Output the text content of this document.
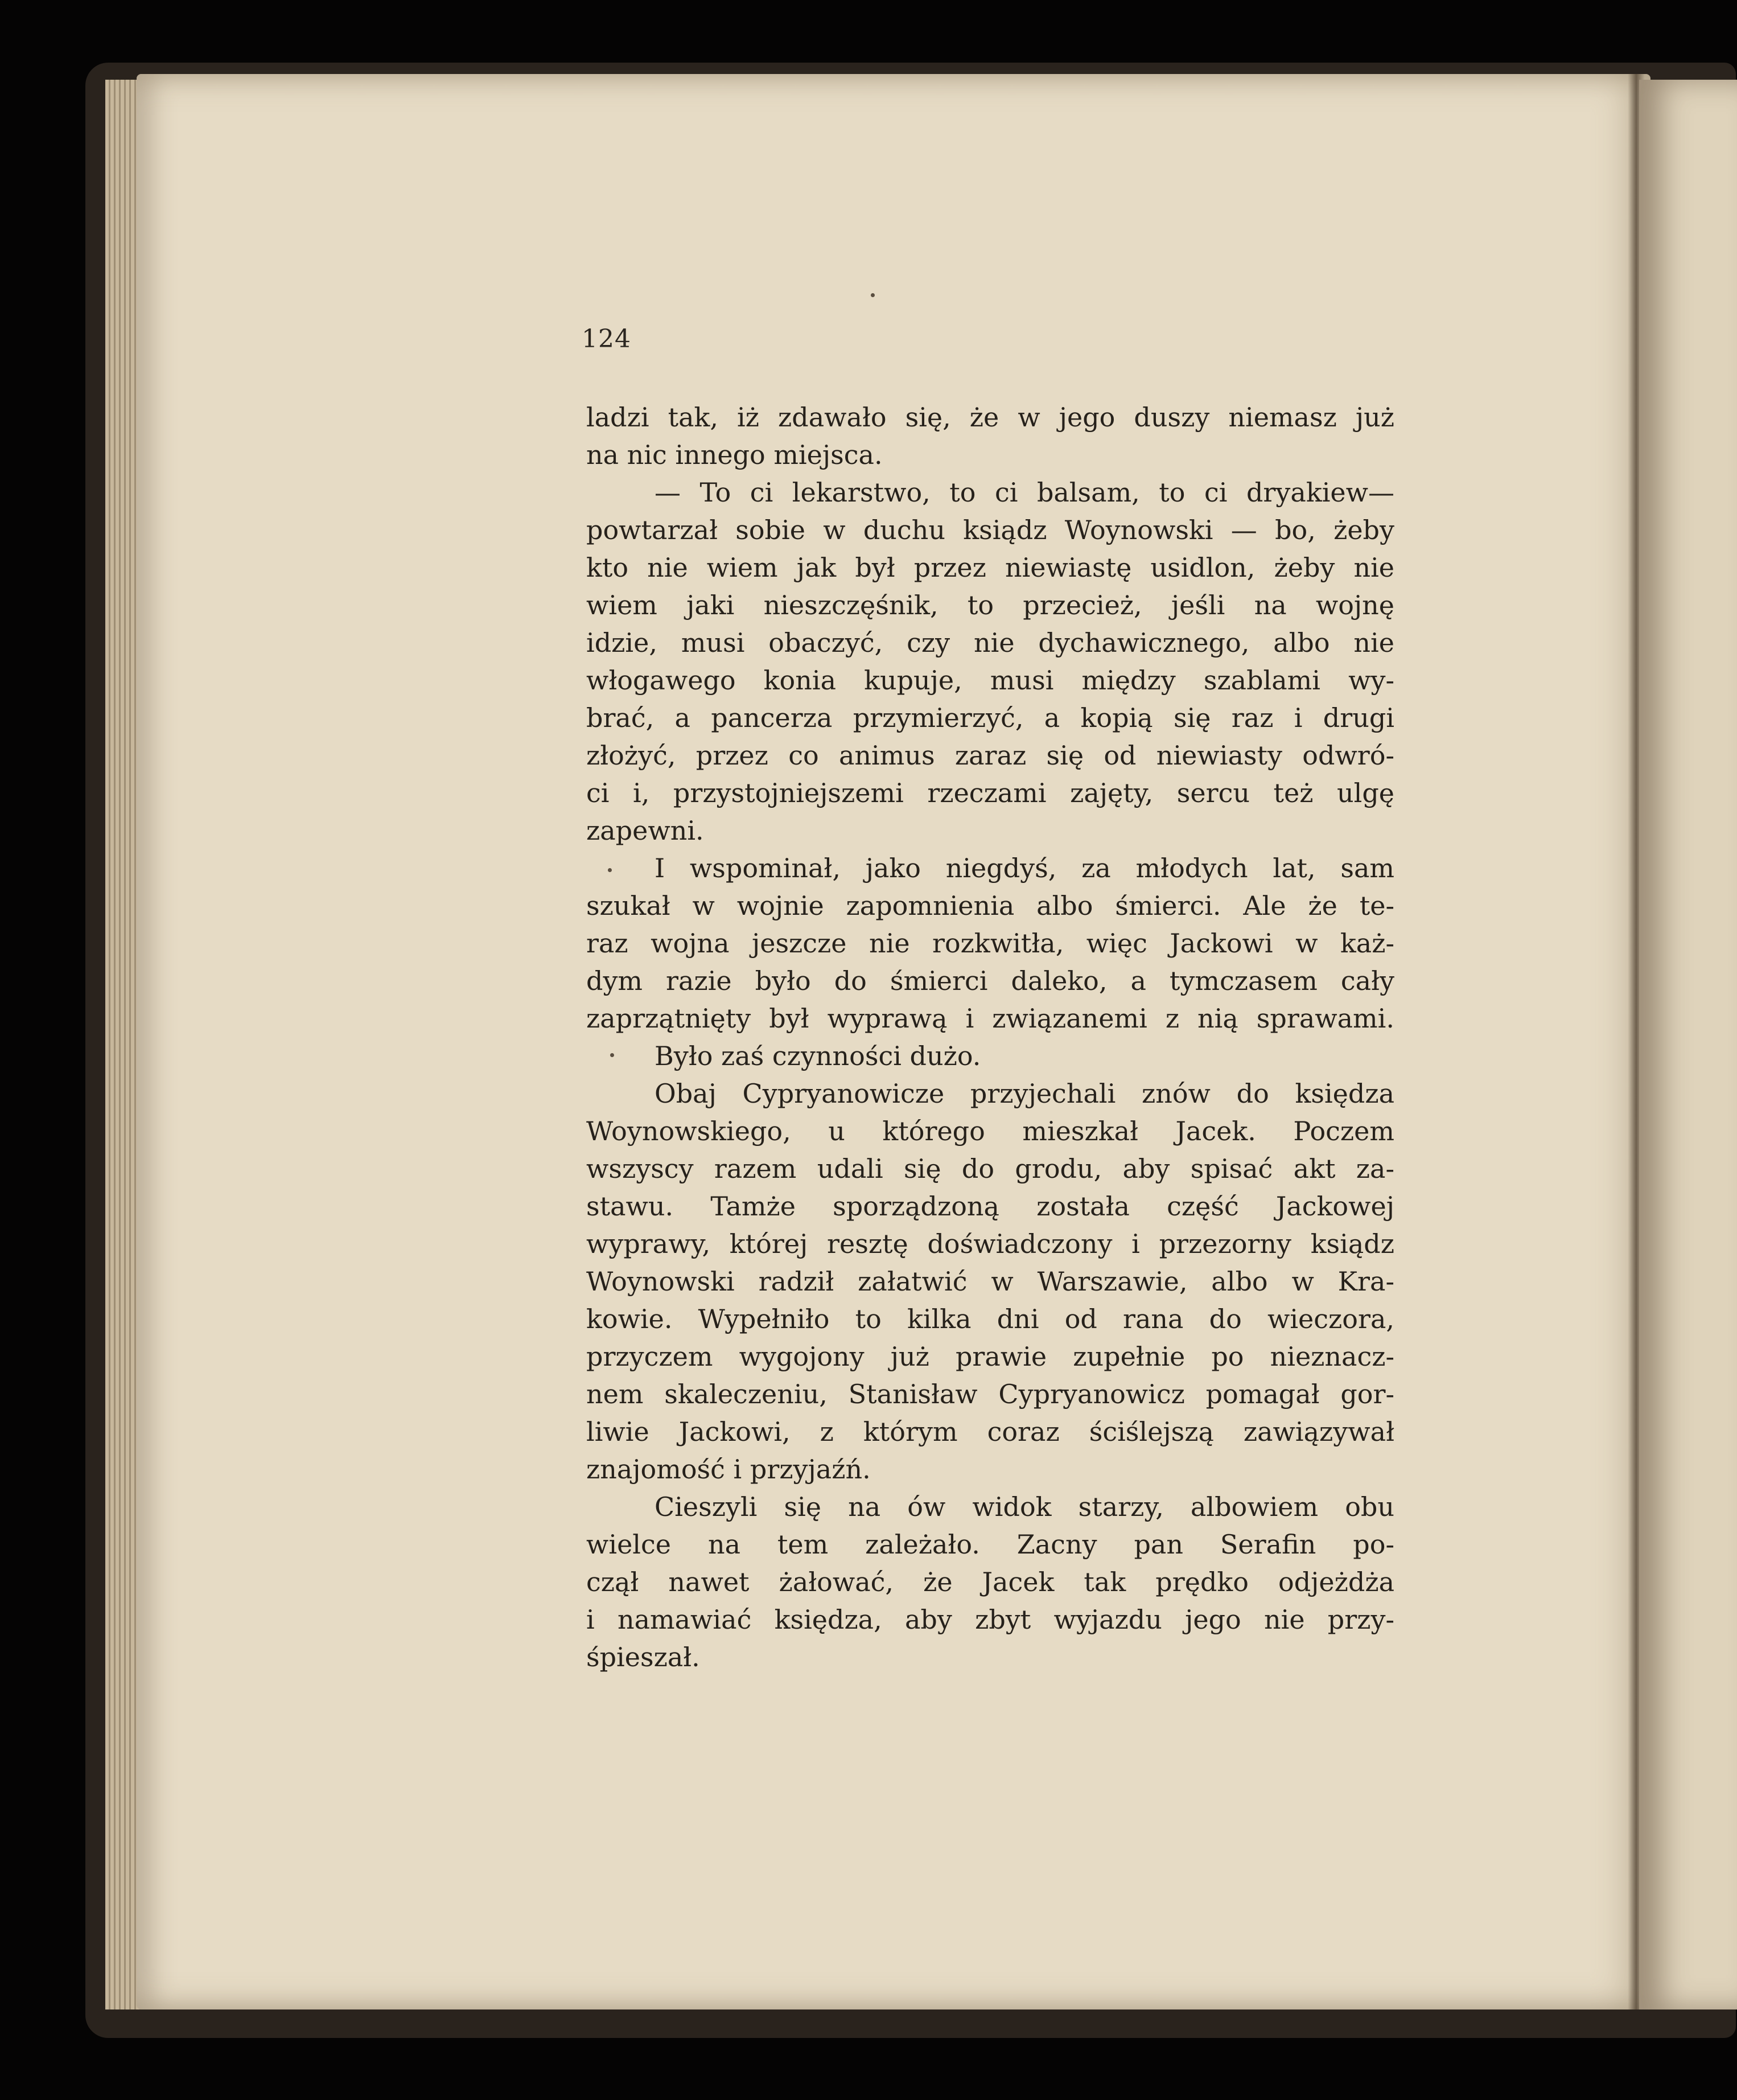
124
ladzi tak, iż zdawało się, że w jego duszy niemasz już
na nic innego miejsca.
— To ci lekarstwo, to ci balsam, to ci dryakiew—
powtarzał sobie w duchu ksiądz Woynowski — bo, żeby
kto nie wiem jak był przez niewiastę usidlon, żeby nie
wiem jaki nieszczęśnik, to przecież, jeśli na wojnę
idzie, musi obaczyć, czy nie dychawicznego, albo nie
włogawego konia kupuje, musi między szablami wy-
brać, a pancerza przymierzyć, a kopią się raz i drugi
złożyć, przez co animus zaraz się od niewiasty odwró-
ci i, przystojniejszemi rzeczami zajęty, sercu też ulgę
zapewni.
I wspominał, jako niegdyś, za młodych lat, sam
szukał w wojnie zapomnienia albo śmierci. Ale że te-
raz wojna jeszcze nie rozkwitła, więc Jackowi w każ-
dym razie było do śmierci daleko, a tymczasem cały
zaprzątnięty był wyprawą i związanemi z nią sprawami.
Było zaś czynności dużo.
Obaj Cypryanowicze przyjechali znów do księdza
Woynowskiego, u którego mieszkał Jacek. Poczem
wszyscy razem udali się do grodu, aby spisać akt za-
stawu. Tamże sporządzoną została część Jackowej
wyprawy, której resztę doświadczony i przezorny ksiądz
Woynowski radził załatwić w Warszawie, albo w Kra-
kowie. Wypełniło to kilka dni od rana do wieczora,
przyczem wygojony już prawie zupełnie po nieznacz-
nem skaleczeniu, Stanisław Cypryanowicz pomagał gor-
liwie Jackowi, z którym coraz ściślejszą zawiązywał
znajomość i przyjaźń.
Cieszyli się na ów widok starzy, albowiem obu
wielce na tem zależało. Zacny pan Serafin po-
czął nawet żałować, że Jacek tak prędko odjeżdża
i namawiać księdza, aby zbyt wyjazdu jego nie przy-
śpieszał.
